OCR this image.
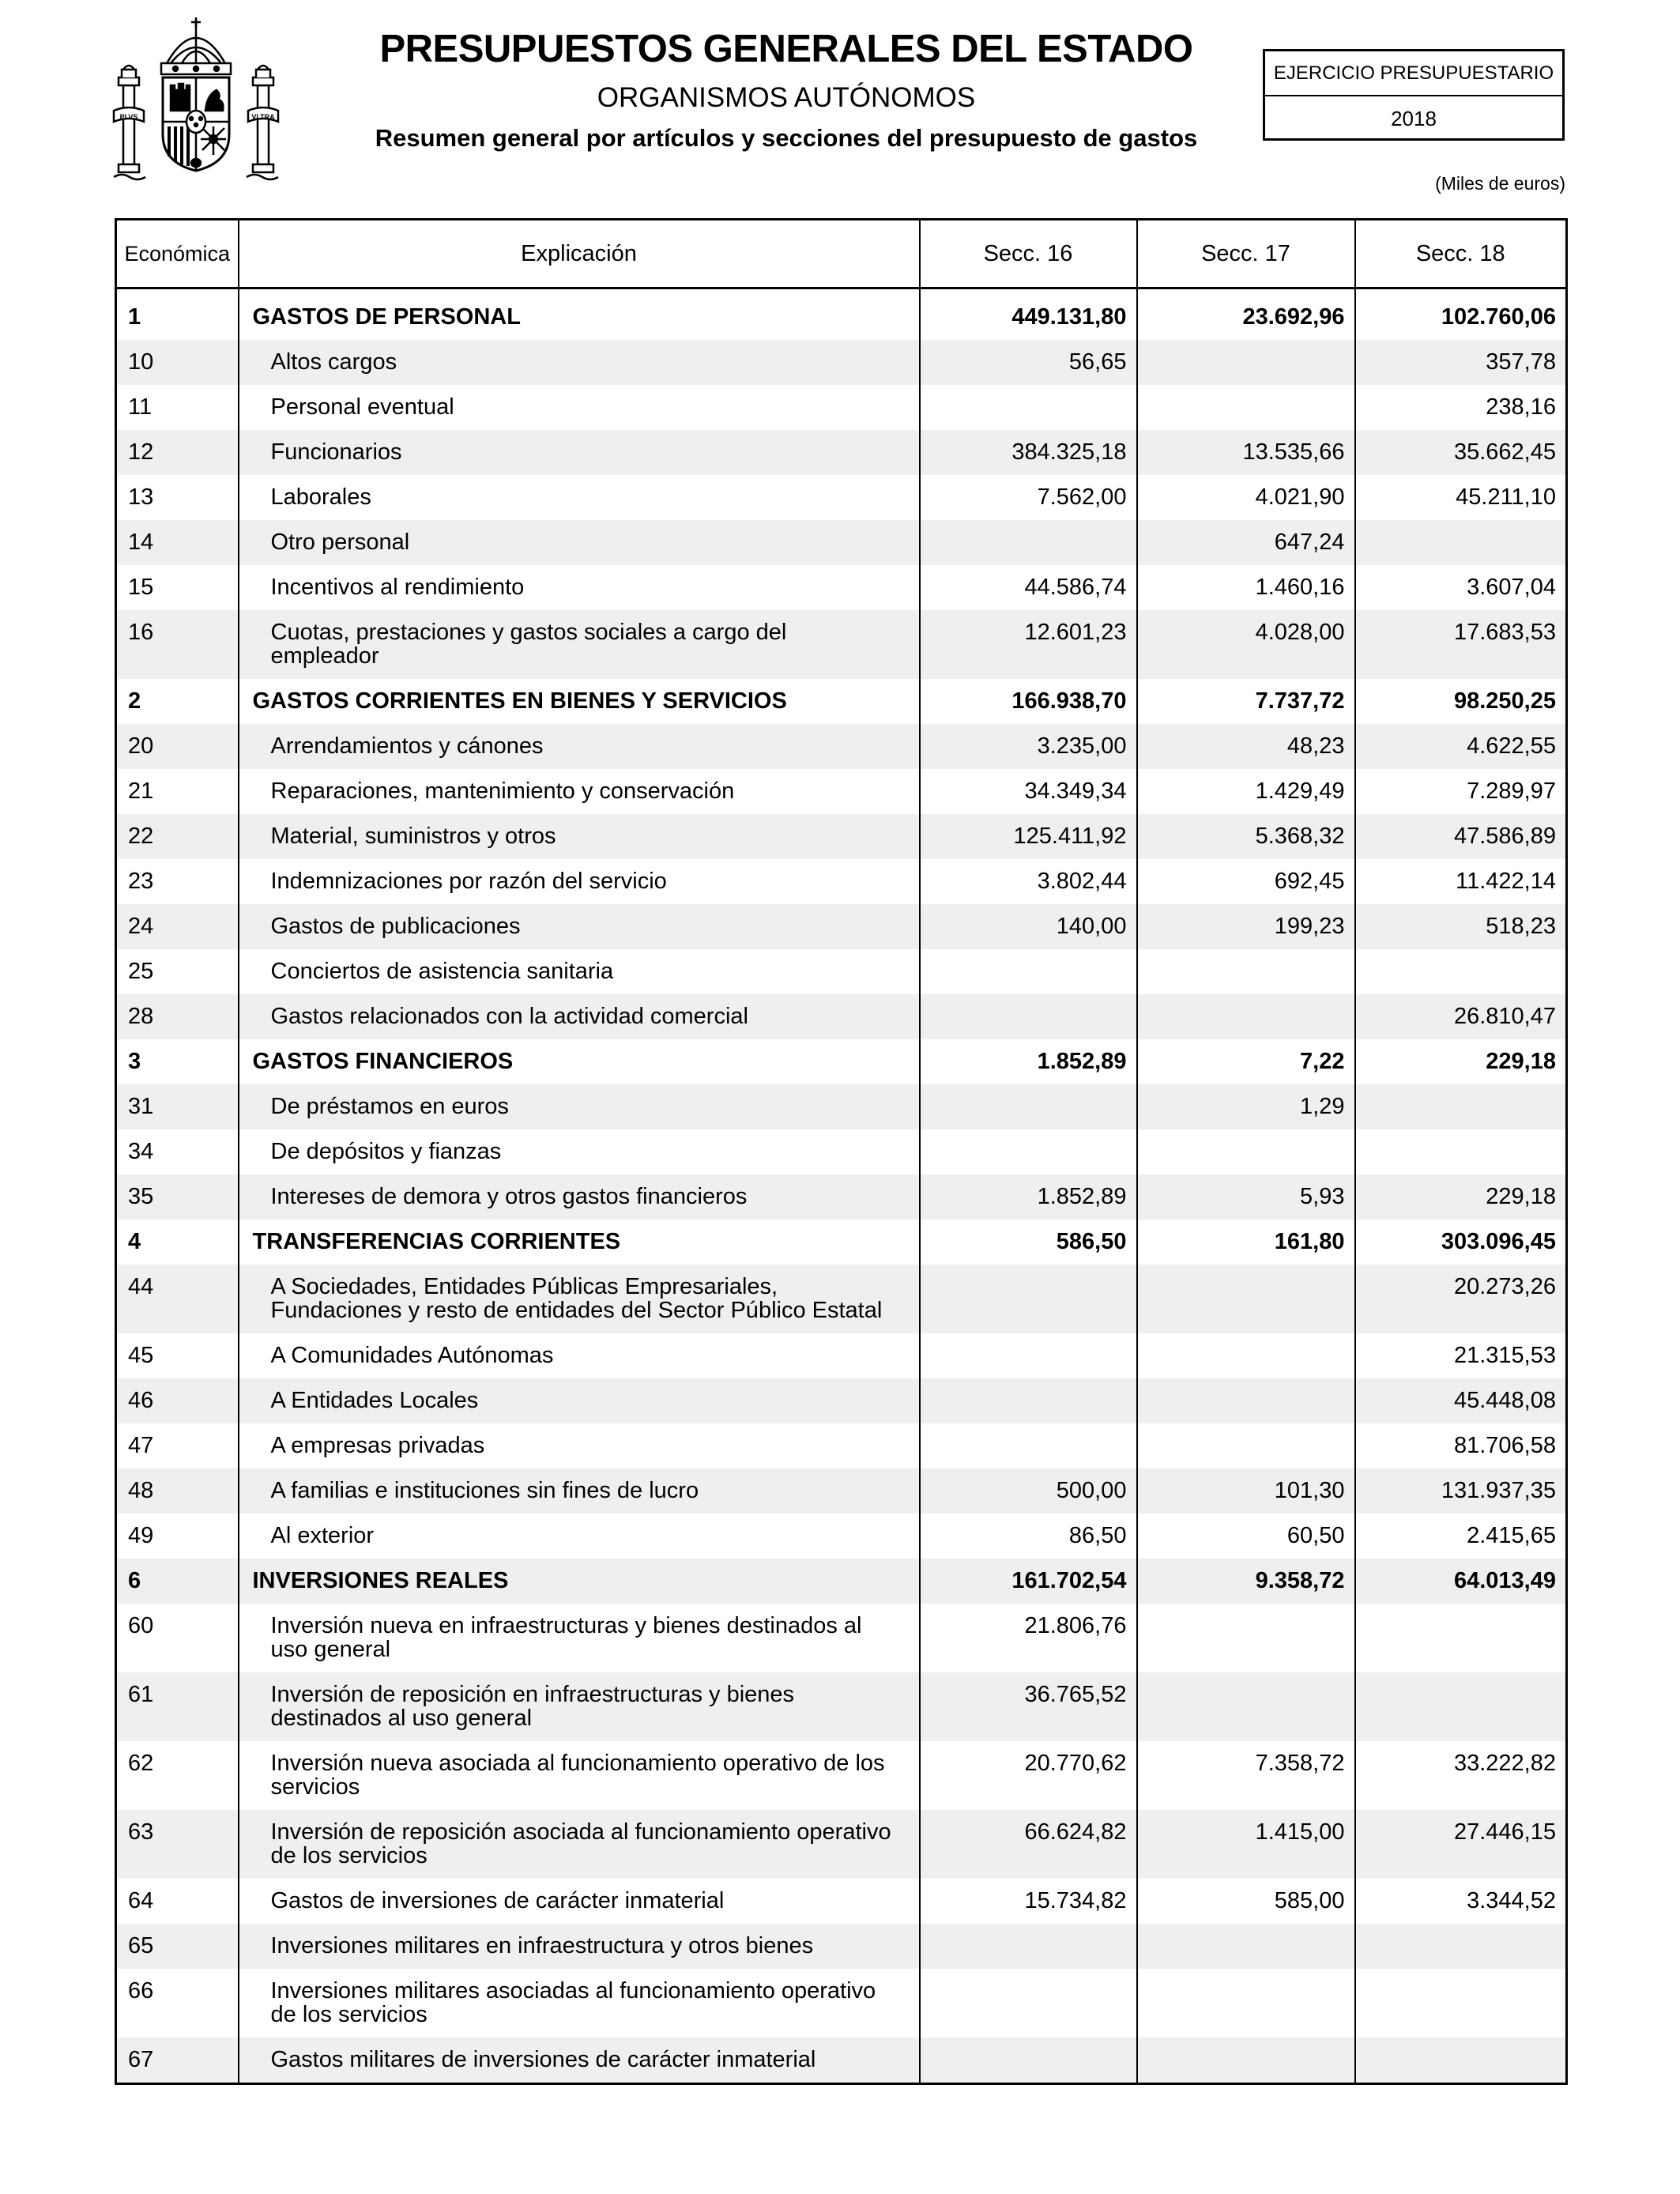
PLVS	VLTRA
PRESUPUESTOS GENERALES DEL ESTADO
ORGANISMOS AUTÓNOMOS
Resumen general por artículos y secciones del presupuesto de gastos
EJERCICIO PRESUPUESTARIO
2018
(Miles de euros)
Económica	Explicación	Secc. 16	Secc. 17	Secc. 18
1	GASTOS DE PERSONAL	449.131,80	23.692,96	102.760,06
10	Altos cargos	56,65		357,78
11	Personal eventual			238,16
12	Funcionarios	384.325,18	13.535,66	35.662,45
13	Laborales	7.562,00	4.021,90	45.211,10
14	Otro personal		647,24	
15	Incentivos al rendimiento	44.586,74	1.460,16	3.607,04
16	Cuotas, prestaciones y gastos sociales a cargo del empleador	12.601,23	4.028,00	17.683,53
2	GASTOS CORRIENTES EN BIENES Y SERVICIOS	166.938,70	7.737,72	98.250,25
20	Arrendamientos y cánones	3.235,00	48,23	4.622,55
21	Reparaciones, mantenimiento y conservación	34.349,34	1.429,49	7.289,97
22	Material, suministros y otros	125.411,92	5.368,32	47.586,89
23	Indemnizaciones por razón del servicio	3.802,44	692,45	11.422,14
24	Gastos de publicaciones	140,00	199,23	518,23
25	Conciertos de asistencia sanitaria			
28	Gastos relacionados con la actividad comercial			26.810,47
3	GASTOS FINANCIEROS	1.852,89	7,22	229,18
31	De préstamos en euros		1,29	
34	De depósitos y fianzas			
35	Intereses de demora y otros gastos financieros	1.852,89	5,93	229,18
4	TRANSFERENCIAS CORRIENTES	586,50	161,80	303.096,45
44	A Sociedades, Entidades Públicas Empresariales, Fundaciones y resto de entidades del Sector Público Estatal			20.273,26
45	A Comunidades Autónomas			21.315,53
46	A Entidades Locales			45.448,08
47	A empresas privadas			81.706,58
48	A familias e instituciones sin fines de lucro	500,00	101,30	131.937,35
49	Al exterior	86,50	60,50	2.415,65
6	INVERSIONES REALES	161.702,54	9.358,72	64.013,49
60	Inversión nueva en infraestructuras y bienes destinados al uso general	21.806,76		
61	Inversión de reposición en infraestructuras y bienes destinados al uso general	36.765,52		
62	Inversión nueva asociada al funcionamiento operativo de los servicios	20.770,62	7.358,72	33.222,82
63	Inversión de reposición asociada al funcionamiento operativo de los servicios	66.624,82	1.415,00	27.446,15
64	Gastos de inversiones de carácter inmaterial	15.734,82	585,00	3.344,52
65	Inversiones militares en infraestructura y otros bienes			
66	Inversiones militares asociadas al funcionamiento operativo de los servicios			
67	Gastos militares de inversiones de carácter inmaterial			
